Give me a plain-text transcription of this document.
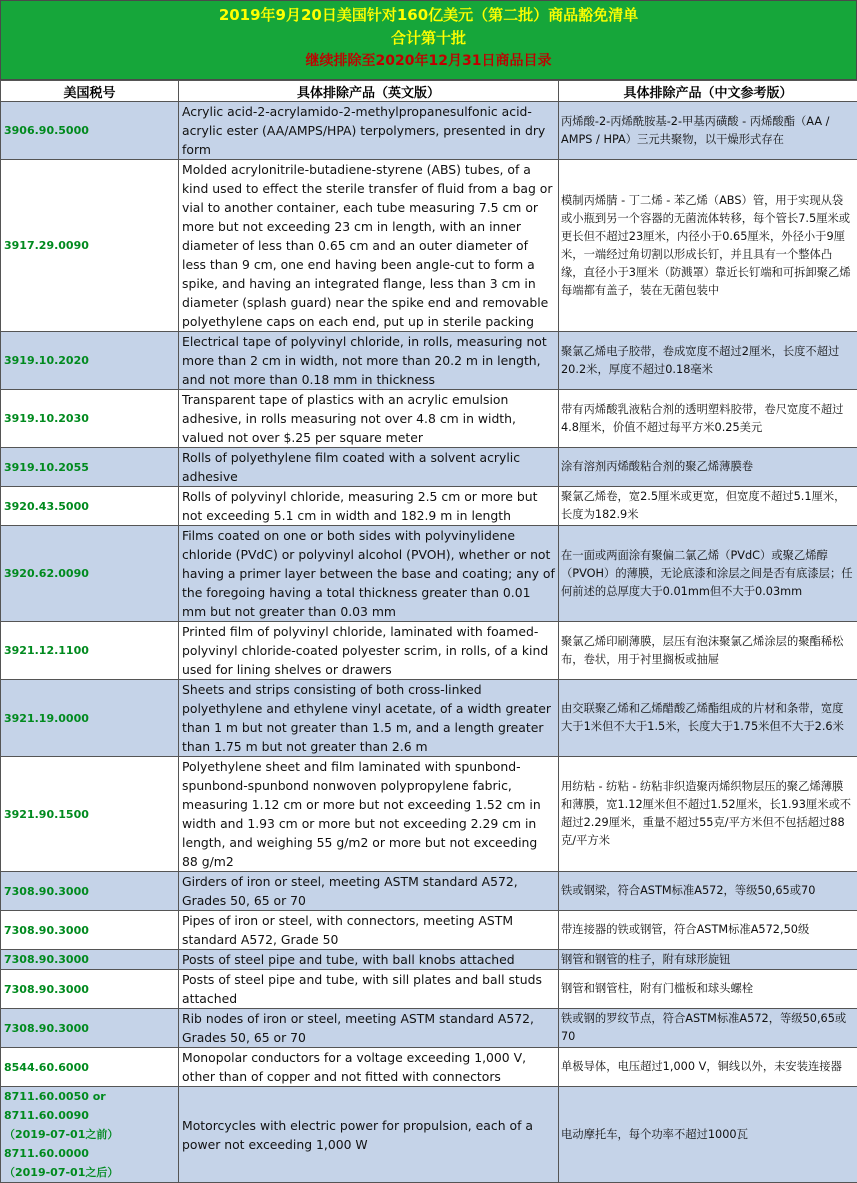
2019年9月20日美国针对160亿美元（第二批）商品豁免清单
合计第十批
继续排除至2020年12月31日商品目录
美国税号	具体排除产品（英文版）	具体排除产品（中文参考版）

3906.90.5000	Acrylic acid-2-acrylamido-2-methylpropanesulfonic acid-acrylic ester (AA/AMPS/HPA) terpolymers, presented in dry form	丙烯酸-2-丙烯酰胺基-2-甲基丙磺酸 - 丙烯酸酯（AA / AMPS / HPA）三元共聚物，以干燥形式存在

3917.29.0090	Molded acrylonitrile-butadiene-styrene (ABS) tubes, of a kind used to effect the sterile transfer of fluid from a bag or vial to another container, each tube measuring 7.5 cm or more but not exceeding 23 cm in length, with an inner diameter of less than 0.65 cm and an outer diameter of less than 9 cm, one end having been angle-cut to form a spike, and having an integrated flange, less than 3 cm in diameter (splash guard) near the spike end and removable polyethylene caps on each end, put up in sterile packing	模制丙烯腈 - 丁二烯 - 苯乙烯（ABS）管，用于实现从袋或小瓶到另一个容器的无菌流体转移，每个管长7.5厘米或更长但不超过23厘米，内径小于0.65厘米，外径小于9厘米，一端经过角切割以形成长钉，并且具有一个整体凸缘，直径小于3厘米（防溅罩）靠近长钉端和可拆卸聚乙烯每端都有盖子，装在无菌包装中

3919.10.2020	Electrical tape of polyvinyl chloride, in rolls, measuring not more than 2 cm in width, not more than 20.2 m in length, and not more than 0.18 mm in thickness	聚氯乙烯电子胶带，卷成宽度不超过2厘米，长度不超过20.2米，厚度不超过0.18毫米

3919.10.2030	Transparent tape of plastics with an acrylic emulsion adhesive, in rolls measuring not over 4.8 cm in width, valued not over $.25 per square meter	带有丙烯酸乳液粘合剂的透明塑料胶带，卷尺宽度不超过4.8厘米，价值不超过每平方米0.25美元

3919.10.2055	Rolls of polyethylene film coated with a solvent acrylic adhesive	涂有溶剂丙烯酸粘合剂的聚乙烯薄膜卷

3920.43.5000	Rolls of polyvinyl chloride, measuring 2.5 cm or more but not exceeding 5.1 cm in width and 182.9 m in length	聚氯乙烯卷，宽2.5厘米或更宽，但宽度不超过5.1厘米，长度为182.9米

3920.62.0090	Films coated on one or both sides with polyvinylidene chloride (PVdC) or polyvinyl alcohol (PVOH), whether or not having a primer layer between the base and coating; any of the foregoing having a total thickness greater than 0.01 mm but not greater than 0.03 mm	在一面或两面涂有聚偏二氯乙烯（PVdC）或聚乙烯醇（PVOH）的薄膜，无论底漆和涂层之间是否有底漆层；任何前述的总厚度大于0.01mm但不大于0.03mm

3921.12.1100	Printed film of polyvinyl chloride, laminated with foamed-polyvinyl chloride-coated polyester scrim, in rolls, of a kind used for lining shelves or drawers	聚氯乙烯印刷薄膜，层压有泡沫聚氯乙烯涂层的聚酯稀松布，卷状，用于衬里搁板或抽屉

3921.19.0000	Sheets and strips consisting of both cross-linked polyethylene and ethylene vinyl acetate, of a width greater than 1 m but not greater than 1.5 m, and a length greater than 1.75 m but not greater than 2.6 m	由交联聚乙烯和乙烯醋酸乙烯酯组成的片材和条带，宽度大于1米但不大于1.5米，长度大于1.75米但不大于2.6米

3921.90.1500	Polyethylene sheet and film laminated with spunbond-spunbond-spunbond nonwoven polypropylene fabric, measuring 1.12 cm or more but not exceeding 1.52 cm in width and 1.93 cm or more but not exceeding 2.29 cm in length, and weighing 55 g/m2 or more but not exceeding 88 g/m2	用纺粘 - 纺粘 - 纺粘非织造聚丙烯织物层压的聚乙烯薄膜和薄膜，宽1.12厘米但不超过1.52厘米，长1.93厘米或不超过2.29厘米，重量不超过55克/平方米但不包括超过88克/平方米

7308.90.3000	Girders of iron or steel, meeting ASTM standard A572, Grades 50, 65 or 70	铁或钢梁，符合ASTM标准A572，等级50,65或70

7308.90.3000	Pipes of iron or steel, with connectors, meeting ASTM standard A572, Grade 50	带连接器的铁或钢管，符合ASTM标准A572,50级

7308.90.3000	Posts of steel pipe and tube, with ball knobs attached	钢管和钢管的柱子，附有球形旋钮

7308.90.3000	Posts of steel pipe and tube, with sill plates and ball studs attached	钢管和钢管柱，附有门槛板和球头螺栓

7308.90.3000	Rib nodes of iron or steel, meeting ASTM standard A572, Grades 50, 65 or 70	铁或钢的罗纹节点，符合ASTM标准A572，等级50,65或70

8544.60.6000	Monopolar conductors for a voltage exceeding 1,000 V, other than of copper and not fitted with connectors	单极导体，电压超过1,000 V，铜线以外，未安装连接器

8711.60.0050 or
8711.60.0090
（2019-07-01之前）
8711.60.0000
（2019-07-01之后）	Motorcycles with electric power for propulsion, each of a power not exceeding 1,000 W	电动摩托车，每个功率不超过1000瓦
